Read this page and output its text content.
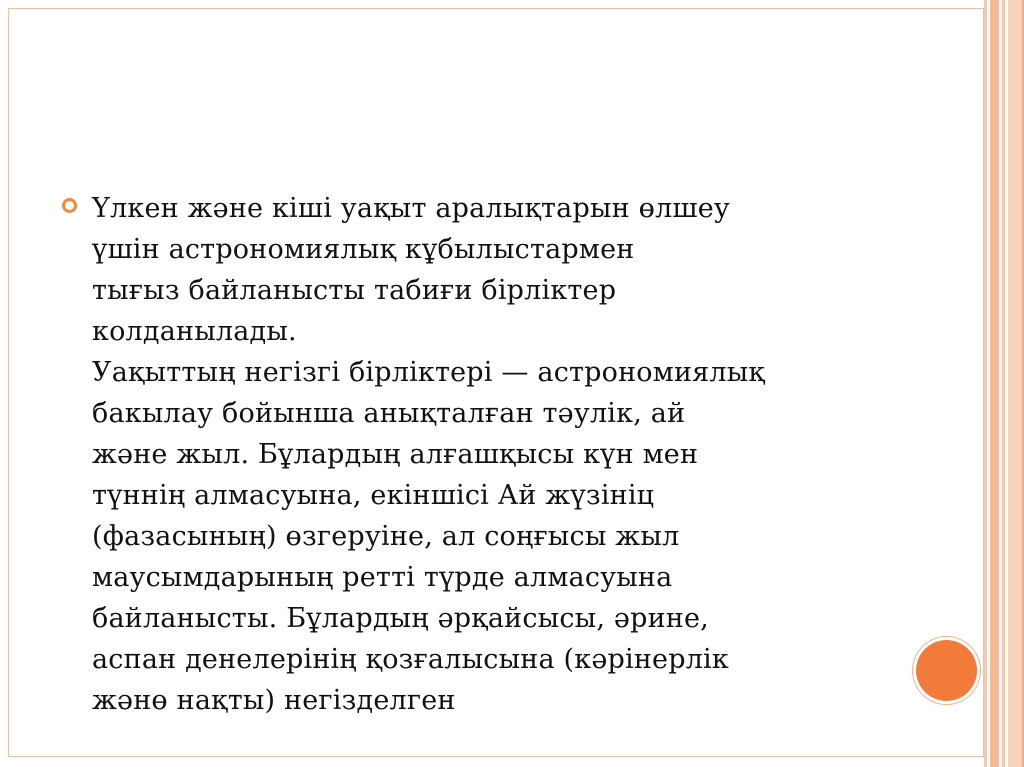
Үлкен және кіші уақыт аралықтарын өлшеу
үшін астрономиялық кұбылыстармен
тығыз байланысты табиғи бірліктер
колданылады.
Уақыттың негізгі бірліктері — астрономиялық
бакылау бойынша анықталған тәулік, ай
және жыл. Бұлардың алғашқысы күн мен
түннің алмасуына, екіншісі Ай жүзініц
(фазасының) өзгеруіне, ал соңғысы жыл
маусымдарының ретті түрде алмасуына
байланысты. Бұлардың әрқайсысы, әрине,
аспан денелерінің қозғалысына (кәрінерлік
жәнө нақты) негізделген
